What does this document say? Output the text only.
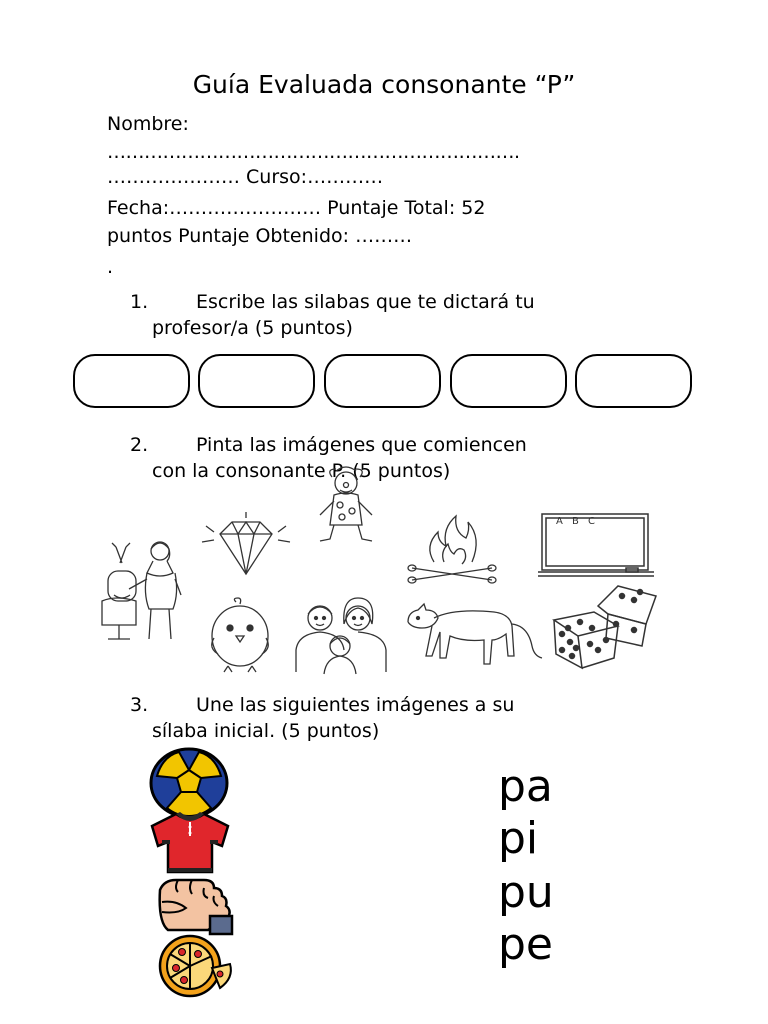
Guía Evaluada consonante “P”
Nombre:
………………………………………………………….
………………… Curso:…………
Fecha:…………………… Puntaje Total: 52
puntos Puntaje Obtenido: ………
.
1.	Escribe las silabas que te dictará tu
profesor/a (5 puntos)
2.	Pinta las imágenes que comiencen
con la consonante P. (5 puntos)
A B C
3.	Une las siguientes imágenes a su
sílaba inicial. (5 puntos)
pa
pi
pu
pe
